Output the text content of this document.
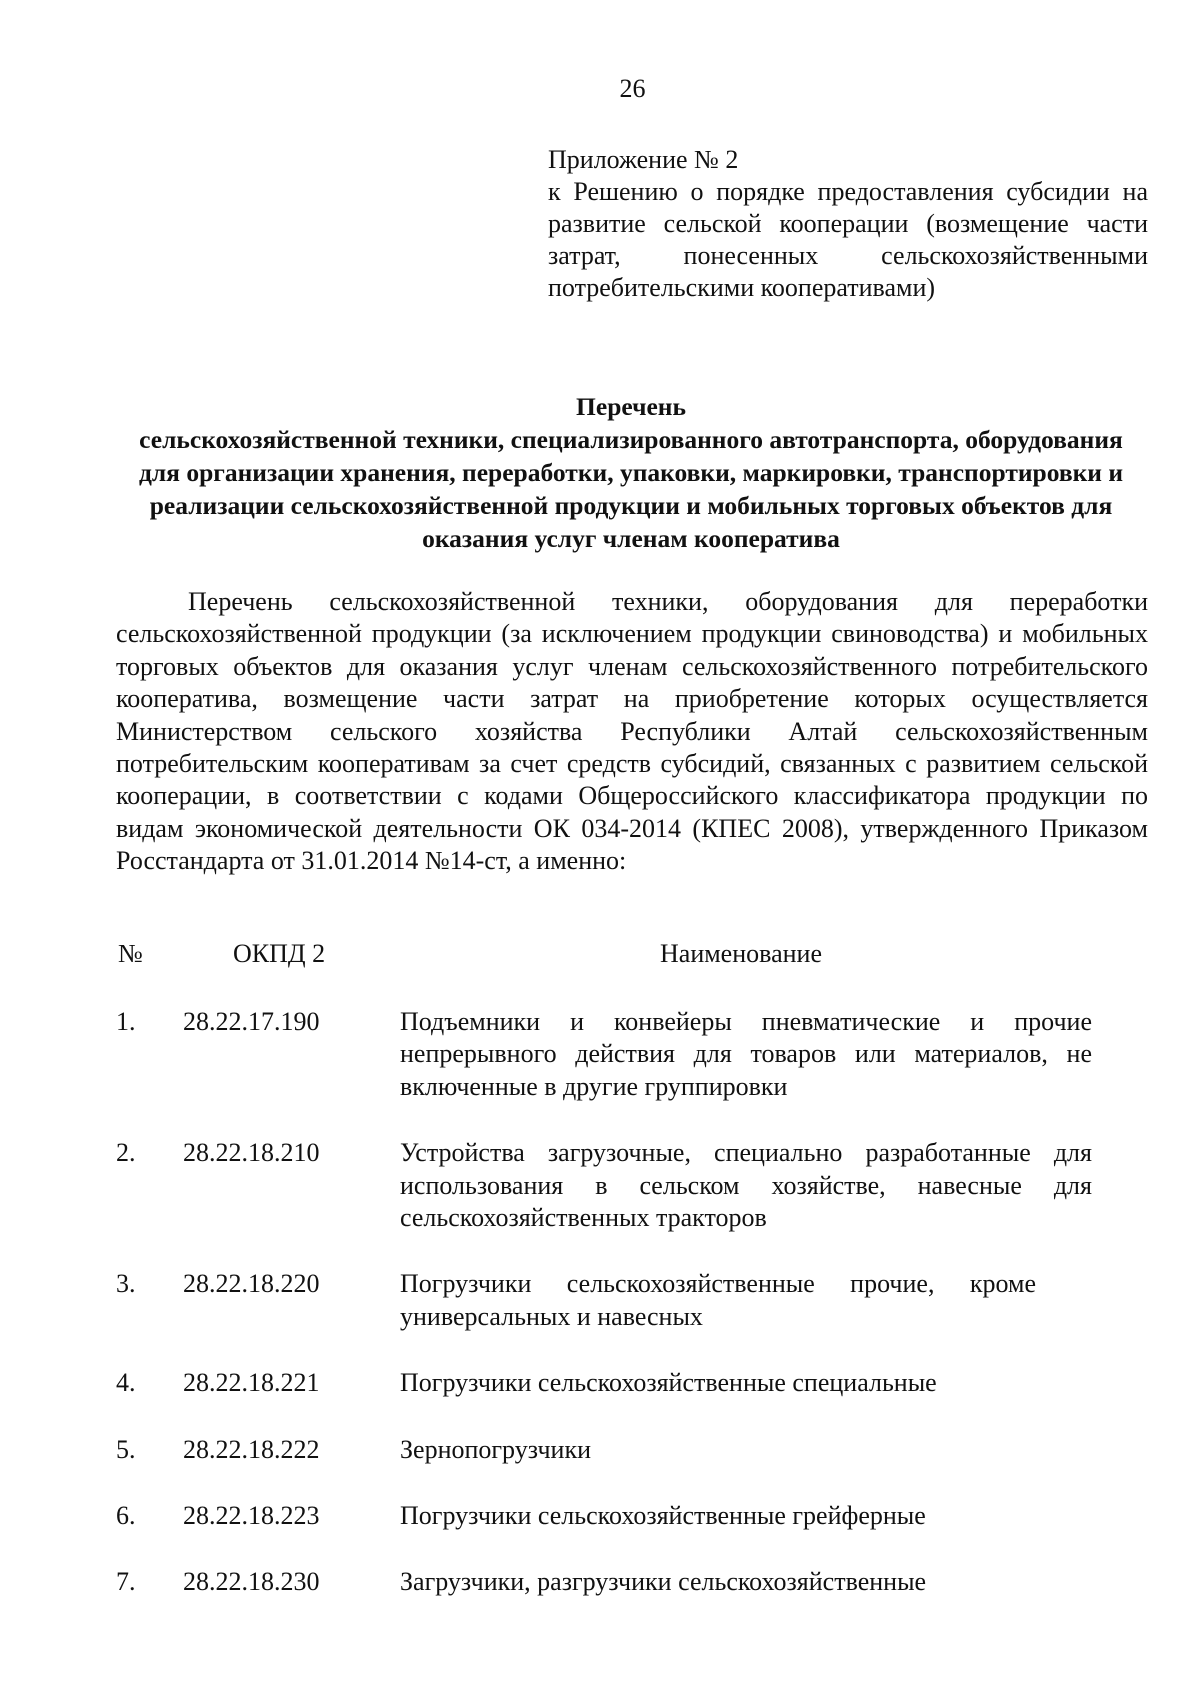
26
Приложение № 2
к Решению о порядке предоставления субсидии на развитие сельской кооперации (возмещение части затрат, понесенных сельскохозяйственными потребительскими кооперативами)
Перечень
сельскохозяйственной техники, специализированного автотранспорта, оборудования для организации хранения, переработки, упаковки, маркировки, транспортировки и реализации сельскохозяйственной продукции и мобильных торговых объектов для оказания услуг членам кооператива
Перечень сельскохозяйственной техники, оборудования для переработки сельскохозяйственной продукции (за исключением продукции свиноводства) и мобильных торговых объектов для оказания услуг членам сельскохозяйственного потребительского кооператива, возмещение части затрат на приобретение которых осуществляется Министерством сельского хозяйства Республики Алтай сельскохозяйственным потребительским кооперативам за счет средств субсидий, связанных с развитием сельской кооперации, в соответствии с кодами Общероссийского классификатора продукции по видам экономической деятельности ОК 034-2014 (КПЕС 2008), утвержденного Приказом Росстандарта от 31.01.2014 №14-ст, а именно:
№	ОКПД 2	Наименование
1. 28.22.17.190	Подъемники и конвейеры пневматические и прочие непрерывного действия для товаров или материалов, не включенные в другие группировки
2. 28.22.18.210	Устройства загрузочные, специально разработанные для использования в сельском хозяйстве, навесные для сельскохозяйственных тракторов
3. 28.22.18.220	Погрузчики сельскохозяйственные прочие, кроме универсальных и навесных
4. 28.22.18.221	Погрузчики сельскохозяйственные специальные
5. 28.22.18.222	Зернопогрузчики
6. 28.22.18.223	Погрузчики сельскохозяйственные грейферные
7. 28.22.18.230	Загрузчики, разгрузчики сельскохозяйственные
